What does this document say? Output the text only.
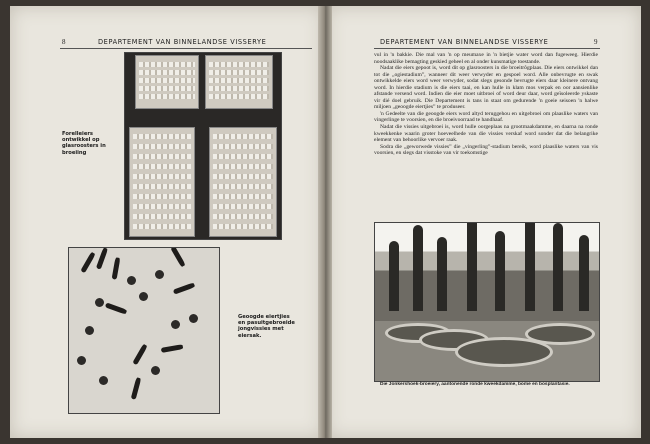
8	DEPARTEMENT VAN BINNELANDSE VISSERYE
Forelleiers ontwikkel op glasroosters in broeiing
Geoogde eiertjies en pasuitgebroeide jongvissies met eiersak.
DEPARTEMENT VAN BINNELANDSE VISSERYE	9

vul in 'n bakkie. Die mal van 'n op meumaxe in 'n bietjie water word dan fugeweeg. Hierdie noodsaaklike bemagting geskied geheel en al onder kunsmatige toestande.

Nadat die eiers gepoot is, word dit op glasroosters in die broeitrôgplaas. Die eiers ontwikkel dan tot die „ogiestadium”, wanneer dit weer verwyder en gespoel word. Alle onbevrugte en swak ontwikkelde eiers word weer verwyder, sodat slegs gesonde bevrugte eiers daar kleinere ontvang word. In hierdie stadium is die eiers taai, en kan hulle in klam mos verpak en oor aansienlike afstande versend word. Indien die eier moet uitbroei of word deur daar, word geïsoleerde yskaste vir dié doel gebruik. Die Departement is tans in staat om gedurende 'n goeie seisoen 'n halwe miljoen „geoogde eiertjies” te produseer.

'n Gedeelte van die geoogde eiers word altyd teruggehou en uitgebroei om plaaslike waters van vingerlinge te voorsien, en die broeivoorraad te handhaaf.

Nadat die vissies uitgebroei is, word hulle oorgeplaas na grootmaakdamme, en daarna na ronde kweekkenke waarin groter hoeveelhede van die vissies verskaf word sonder dat die belangrike element van behoorlike vervoer raak.

Sodra die „geworwede vissies” die „vingerling”-stadium bereik, word plaaslike waters van vis voorsien, en slegs dat visstoke van vir toekomstige

Die Jonkershoek-broeiery, aantonende ronde kweekdamme, bome en bosplantasie.
